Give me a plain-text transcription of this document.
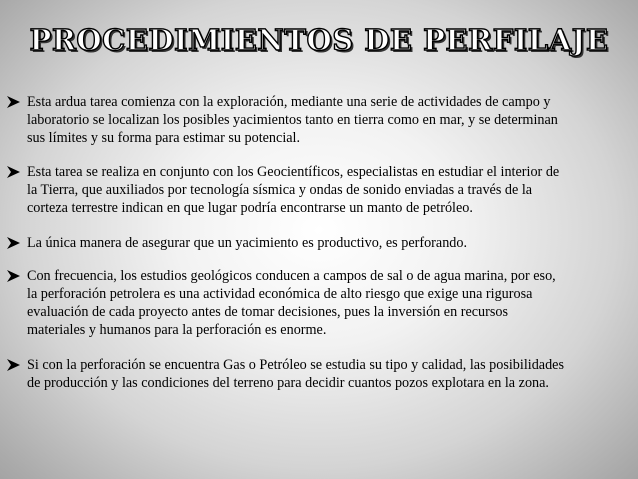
PROCEDIMIENTOS DE PERFILAJE
Esta ardua tarea comienza con la exploración, mediante una serie de actividades de campo y
laboratorio se localizan los posibles yacimientos tanto en tierra como en mar, y se determinan
sus límites y su forma para estimar su potencial.
Esta tarea se realiza en conjunto con los Geocientíficos, especialistas en estudiar el interior de
la Tierra, que auxiliados por tecnología sísmica y ondas de sonido enviadas a través de la
corteza terrestre indican en que lugar podría encontrarse un manto de petróleo.
La única manera de asegurar que un yacimiento es productivo, es perforando.
Con frecuencia, los estudios geológicos conducen a campos de sal o de agua marina, por eso,
la perforación petrolera es una actividad económica de alto riesgo que exige una rigurosa
evaluación de cada proyecto antes de tomar decisiones, pues la inversión en recursos
materiales y humanos para la perforación es enorme.
Si con la perforación se encuentra Gas o Petróleo se estudia su tipo y calidad, las posibilidades
de producción y las condiciones del terreno para decidir cuantos pozos explotara en la zona.
